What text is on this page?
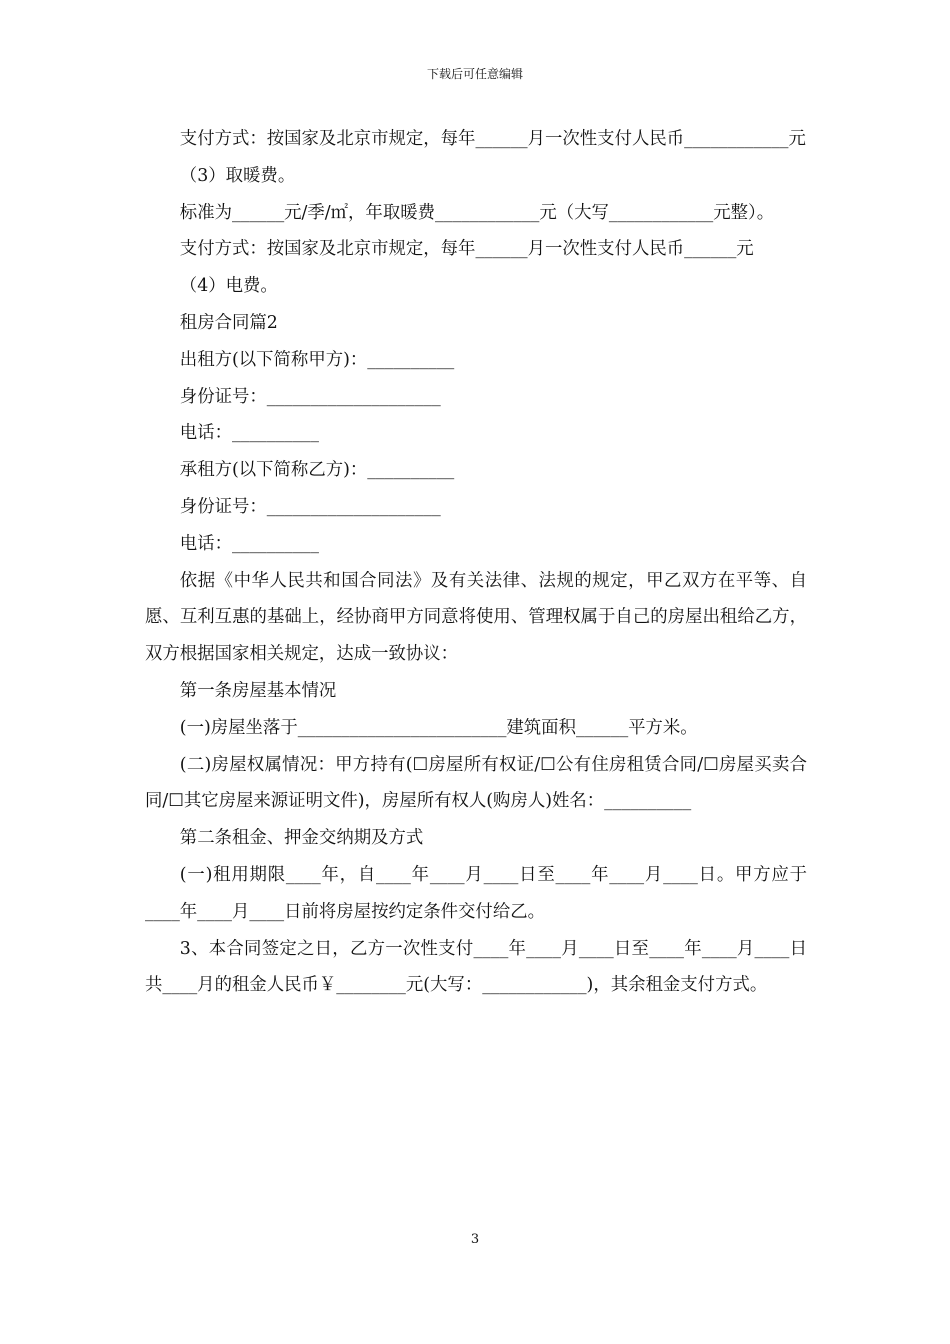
下载后可任意编辑

支付方式：按国家及北京市规定，每年______月一次性支付人民币____________元

（3）取暖费。

标准为______元/季/㎡，年取暖费____________元（大写____________元整）。

支付方式：按国家及北京市规定，每年______月一次性支付人民币______元

（4）电费。

租房合同篇2

出租方(以下简称甲方)：__________

身份证号：____________________

电话：__________

承租方(以下简称乙方)：__________

身份证号：____________________

电话：__________

依据《中华人民共和国合同法》及有关法律、法规的规定，甲乙双方在平等、自愿、互利互惠的基础上，经协商甲方同意将使用、管理权属于自己的房屋出租给乙方，双方根据国家相关规定，达成一致协议：

第一条房屋基本情况

(一)房屋坐落于________________________建筑面积______平方米。

(二)房屋权属情况：甲方持有(☐房屋所有权证/☐公有住房租赁合同/☐房屋买卖合同/☐其它房屋来源证明文件)，房屋所有权人(购房人)姓名：__________

第二条租金、押金交纳期及方式

(一)租用期限____年，自____年____月____日至____年____月____日。甲方应于____年____月____日前将房屋按约定条件交付给乙。

3、本合同签定之日，乙方一次性支付____年____月____日至____年____月____日共____月的租金人民币￥________元(大写：____________)，其余租金支付方式。

3
